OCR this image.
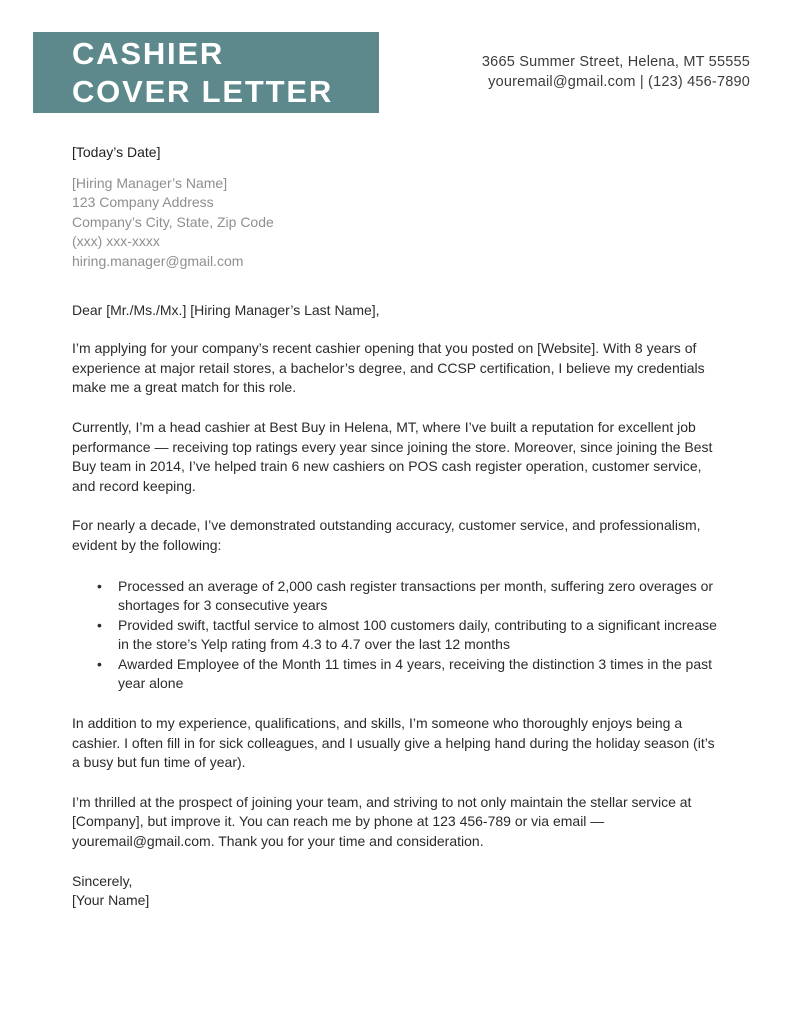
CASHIER
COVER LETTER
3665 Summer Street, Helena, MT 55555
youremail@gmail.com | (123) 456-7890

[Today’s Date]

[Hiring Manager’s Name]
123 Company Address
Company’s City, State, Zip Code
(xxx) xxx-xxxx
hiring.manager@gmail.com

Dear [Mr./Ms./Mx.] [Hiring Manager’s Last Name],

I’m applying for your company’s recent cashier opening that you posted on [Website]. With 8 years of experience at major retail stores, a bachelor’s degree, and CCSP certification, I believe my credentials make me a great match for this role.

Currently, I’m a head cashier at Best Buy in Helena, MT, where I’ve built a reputation for excellent job performance — receiving top ratings every year since joining the store. Moreover, since joining the Best Buy team in 2014, I’ve helped train 6 new cashiers on POS cash register operation, customer service, and record keeping.

For nearly a decade, I’ve demonstrated outstanding accuracy, customer service, and professionalism, evident by the following:

• Processed an average of 2,000 cash register transactions per month, suffering zero overages or shortages for 3 consecutive years
• Provided swift, tactful service to almost 100 customers daily, contributing to a significant increase in the store’s Yelp rating from 4.3 to 4.7 over the last 12 months
• Awarded Employee of the Month 11 times in 4 years, receiving the distinction 3 times in the past year alone

In addition to my experience, qualifications, and skills, I’m someone who thoroughly enjoys being a cashier. I often fill in for sick colleagues, and I usually give a helping hand during the holiday season (it’s a busy but fun time of year).

I’m thrilled at the prospect of joining your team, and striving to not only maintain the stellar service at [Company], but improve it. You can reach me by phone at 123 456-789 or via email — youremail@gmail.com. Thank you for your time and consideration.

Sincerely,
[Your Name]
